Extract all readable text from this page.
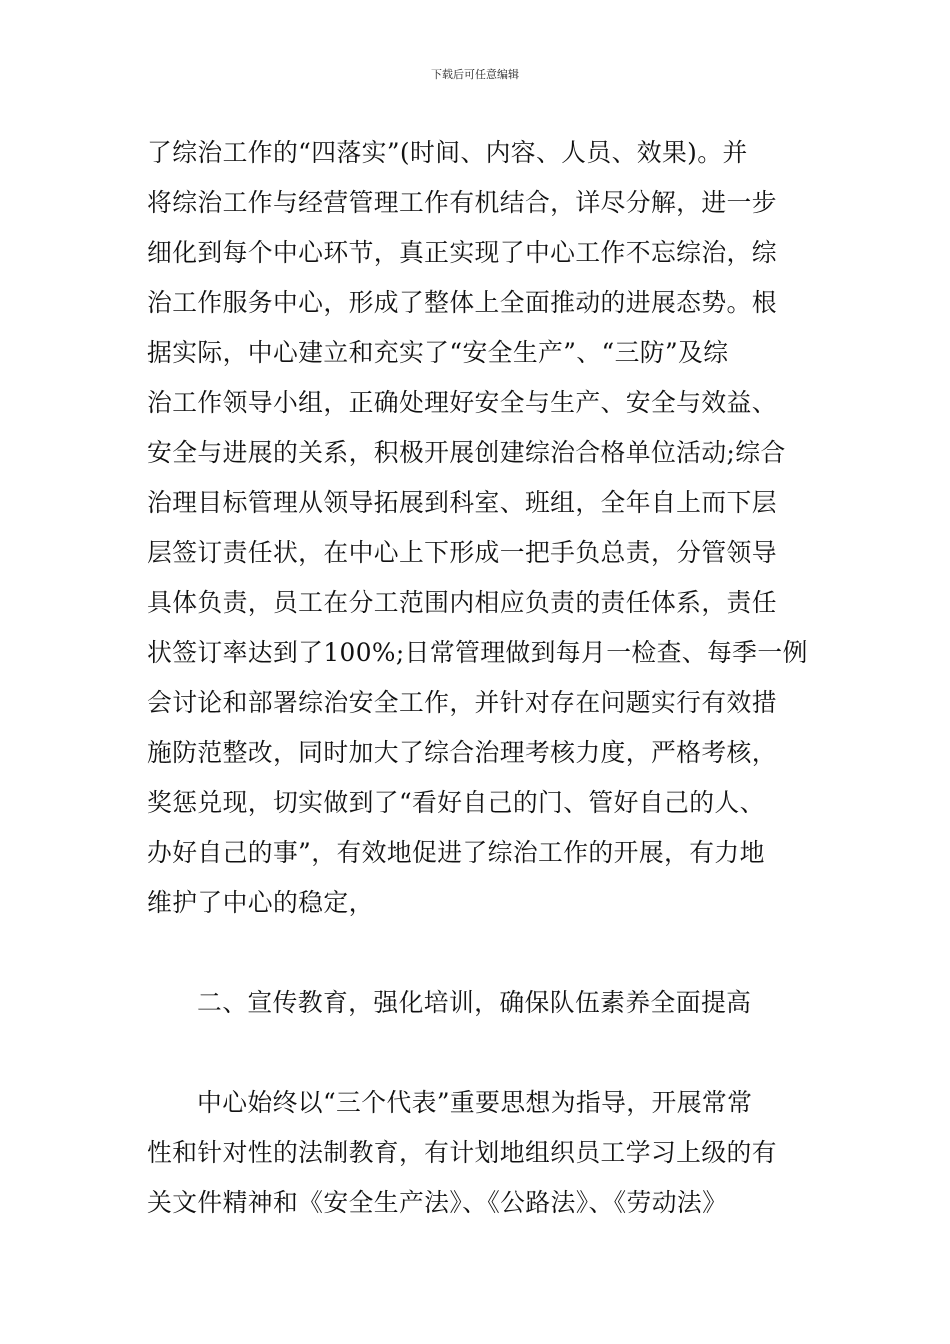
下载后可任意编辑
了综治工作的“四落实”(时间、内容、人员、效果)。并
将综治工作与经营管理工作有机结合，详尽分解，进一步
细化到每个中心环节，真正实现了中心工作不忘综治，综
治工作服务中心，形成了整体上全面推动的进展态势。根
据实际，中心建立和充实了“安全生产”、“三防”及综
治工作领导小组，正确处理好安全与生产、安全与效益、
安全与进展的关系，积极开展创建综治合格单位活动;综合
治理目标管理从领导拓展到科室、班组，全年自上而下层
层签订责任状，在中心上下形成一把手负总责，分管领导
具体负责，员工在分工范围内相应负责的责任体系，责任
状签订率达到了100%;日常管理做到每月一检查、每季一例
会讨论和部署综治安全工作，并针对存在问题实行有效措
施防范整改，同时加大了综合治理考核力度，严格考核，
奖惩兑现，切实做到了“看好自己的门、管好自己的人、
办好自己的事”，有效地促进了综治工作的开展，有力地
维护了中心的稳定，
二、宣传教育，强化培训，确保队伍素养全面提高
中心始终以“三个代表”重要思想为指导，开展常常
性和针对性的法制教育，有计划地组织员工学习上级的有
关文件精神和《安全生产法》、《公路法》、《劳动法》
